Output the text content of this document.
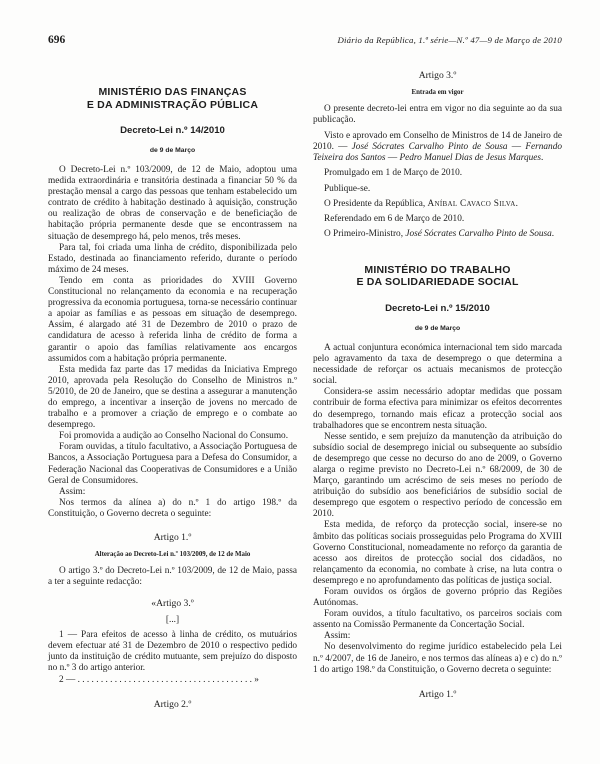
696	Diário da República, 1.ª série—N.º 47—9 de Março de 2010
MINISTÉRIO DAS FINANÇAS
E DA ADMINISTRAÇÃO PÚBLICA
Decreto-Lei n.º 14/2010
de 9 de Março

O Decreto-Lei n.º 103/2009, de 12 de Maio, adoptou uma medida extraordinária e transitória destinada a financiar 50 % da prestação mensal a cargo das pessoas que tenham estabelecido um contrato de crédito à habitação destinado à aquisição, construção ou realização de obras de conservação e de beneficiação de habitação própria permanente desde que se encontrassem na situação de desemprego há, pelo menos, três meses.

Para tal, foi criada uma linha de crédito, disponibilizada pelo Estado, destinada ao financiamento referido, durante o período máximo de 24 meses.

Tendo em conta as prioridades do XVIII Governo Constitucional no relançamento da economia e na recuperação progressiva da economia portuguesa, torna-se necessário continuar a apoiar as famílias e as pessoas em situação de desemprego. Assim, é alargado até 31 de Dezembro de 2010 o prazo de candidatura de acesso à referida linha de crédito de forma a garantir o apoio das famílias relativamente aos encargos assumidos com a habitação própria permanente.

Esta medida faz parte das 17 medidas da Iniciativa Emprego 2010, aprovada pela Resolução do Conselho de Ministros n.º 5/2010, de 20 de Janeiro, que se destina a assegurar a manutenção do emprego, a incentivar a inserção de jovens no mercado de trabalho e a promover a criação de emprego e o combate ao desemprego.

Foi promovida a audição ao Conselho Nacional do Consumo.

Foram ouvidas, a título facultativo, a Associação Portuguesa de Bancos, a Associação Portuguesa para a Defesa do Consumidor, a Federação Nacional das Cooperativas de Consumidores e a União Geral de Consumidores.

Assim:

Nos termos da alínea a) do n.º 1 do artigo 198.º da Constituição, o Governo decreta o seguinte:

Artigo 1.º
Alteração ao Decreto-Lei n.º 103/2009, de 12 de Maio

O artigo 3.º do Decreto-Lei n.º 103/2009, de 12 de Maio, passa a ter a seguinte redacção:

«Artigo 3.º
[...]

1 — Para efeitos de acesso à linha de crédito, os mutuários devem efectuar até 31 de Dezembro de 2010 o respectivo pedido junto da instituição de crédito mutuante, sem prejuízo do disposto no n.º 3 do artigo anterior.

2 — . . . . . . . . . . . . . . . . . . . . . . . . . . . . . . . . . . . . . . »

Artigo 2.º
Artigo 3.º
Entrada em vigor

O presente decreto-lei entra em vigor no dia seguinte ao da sua publicação.

Visto e aprovado em Conselho de Ministros de 14 de Janeiro de 2010. — José Sócrates Carvalho Pinto de Sousa — Fernando Teixeira dos Santos — Pedro Manuel Dias de Jesus Marques.

Promulgado em 1 de Março de 2010.

Publique-se.

O Presidente da República, Aníbal Cavaco Silva.

Referendado em 6 de Março de 2010.

O Primeiro-Ministro, José Sócrates Carvalho Pinto de Sousa.

MINISTÉRIO DO TRABALHO
E DA SOLIDARIEDADE SOCIAL
Decreto-Lei n.º 15/2010
de 9 de Março

A actual conjuntura económica internacional tem sido marcada pelo agravamento da taxa de desemprego o que determina a necessidade de reforçar os actuais mecanismos de protecção social.

Considera-se assim necessário adoptar medidas que possam contribuir de forma efectiva para minimizar os efeitos decorrentes do desemprego, tornando mais eficaz a protecção social aos trabalhadores que se encontrem nesta situação.

Nesse sentido, e sem prejuízo da manutenção da atribuição do subsídio social de desemprego inicial ou subsequente ao subsídio de desemprego que cesse no decurso do ano de 2009, o Governo alarga o regime previsto no Decreto-Lei n.º 68/2009, de 30 de Março, garantindo um acréscimo de seis meses no período de atribuição do subsídio aos beneficiários de subsídio social de desemprego que esgotem o respectivo período de concessão em 2010.

Esta medida, de reforço da protecção social, insere-se no âmbito das políticas sociais prosseguidas pelo Programa do XVIII Governo Constitucional, nomeadamente no reforço da garantia de acesso aos direitos de protecção social dos cidadãos, no relançamento da economia, no combate à crise, na luta contra o desemprego e no aprofundamento das políticas de justiça social.

Foram ouvidos os órgãos de governo próprio das Regiões Autónomas.

Foram ouvidos, a título facultativo, os parceiros sociais com assento na Comissão Permanente da Concertação Social.

Assim:

No desenvolvimento do regime jurídico estabelecido pela Lei n.º 4/2007, de 16 de Janeiro, e nos termos das alíneas a) e c) do n.º 1 do artigo 198.º da Constituição, o Governo decreta o seguinte:

Artigo 1.º
